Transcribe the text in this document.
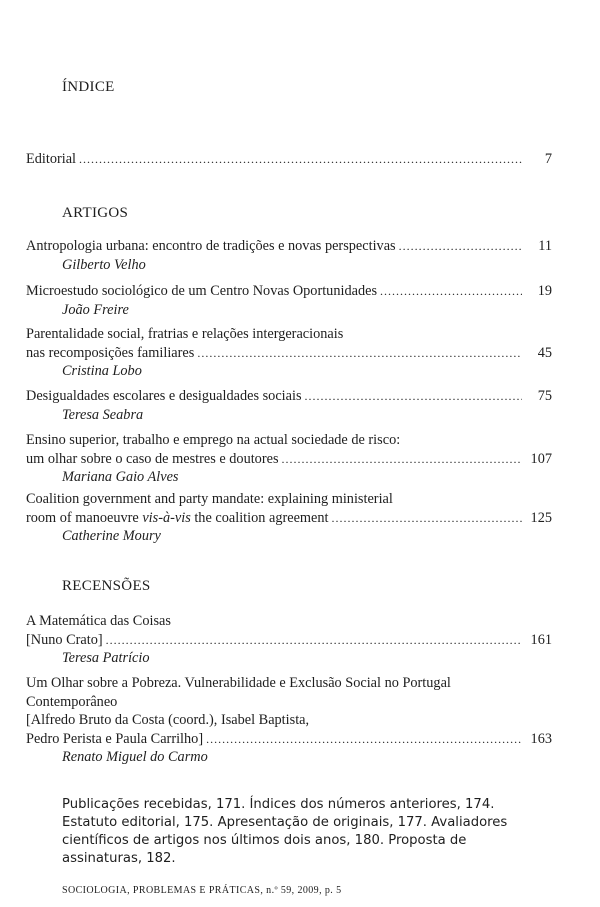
ÍNDICE
Editorial .....	7
ARTIGOS
Antropologia urbana: encontro de tradições e novas perspectivas .....	11
Gilberto Velho
Microestudo sociológico de um Centro Novas Oportunidades .....	19
João Freire
Parentalidade social, fratrias e relações intergeracionais
nas recomposições familiares .....	45
Cristina Lobo
Desigualdades escolares e desigualdades sociais .....	75
Teresa Seabra
Ensino superior, trabalho e emprego na actual sociedade de risco:
um olhar sobre o caso de mestres e doutores .....	107
Mariana Gaio Alves
Coalition government and party mandate: explaining ministerial
room of manoeuvre vis-à-vis the coalition agreement .....	125
Catherine Moury
RECENSÕES
A Matemática das Coisas
[Nuno Crato] .....	161
Teresa Patrício
Um Olhar sobre a Pobreza. Vulnerabilidade e Exclusão Social no Portugal
Contemporâneo
[Alfredo Bruto da Costa (coord.), Isabel Baptista,
Pedro Perista e Paula Carrilho] .....	163
Renato Miguel do Carmo

Publicações recebidas, 171. Índices dos números anteriores, 174. Estatuto editorial, 175. Apresentação de originais, 177. Avaliadores científicos de artigos nos últimos dois anos, 180. Proposta de assinaturas, 182.

SOCIOLOGIA, PROBLEMAS E PRÁTICAS, n.º 59, 2009, p. 5
